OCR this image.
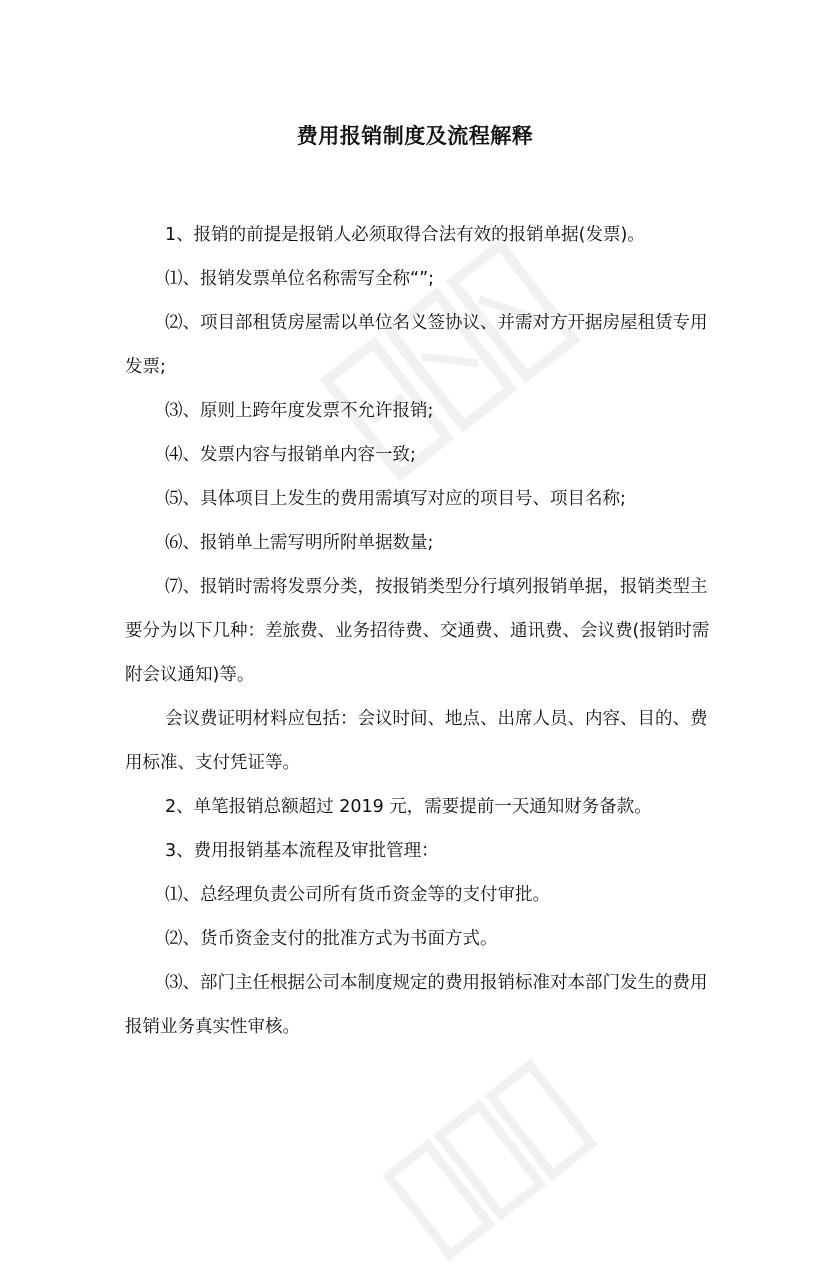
费用报销制度及流程解释

1、报销的前提是报销人必须取得合法有效的报销单据(发票)。

⑴、报销发票单位名称需写全称“”;

⑵、项目部租赁房屋需以单位名义签协议、并需对方开据房屋租赁专用发票;

⑶、原则上跨年度发票不允许报销;

⑷、发票内容与报销单内容一致;

⑸、具体项目上发生的费用需填写对应的项目号、项目名称;

⑹、报销单上需写明所附单据数量;

⑺、报销时需将发票分类，按报销类型分行填列报销单据，报销类型主要分为以下几种：差旅费、业务招待费、交通费、通讯费、会议费(报销时需附会议通知)等。

会议费证明材料应包括：会议时间、地点、出席人员、内容、目的、费用标准、支付凭证等。

2、单笔报销总额超过 2019 元，需要提前一天通知财务备款。

3、费用报销基本流程及审批管理：

⑴、总经理负责公司所有货币资金等的支付审批。

⑵、货币资金支付的批准方式为书面方式。

⑶、部门主任根据公司本制度规定的费用报销标准对本部门发生的费用报销业务真实性审核。
